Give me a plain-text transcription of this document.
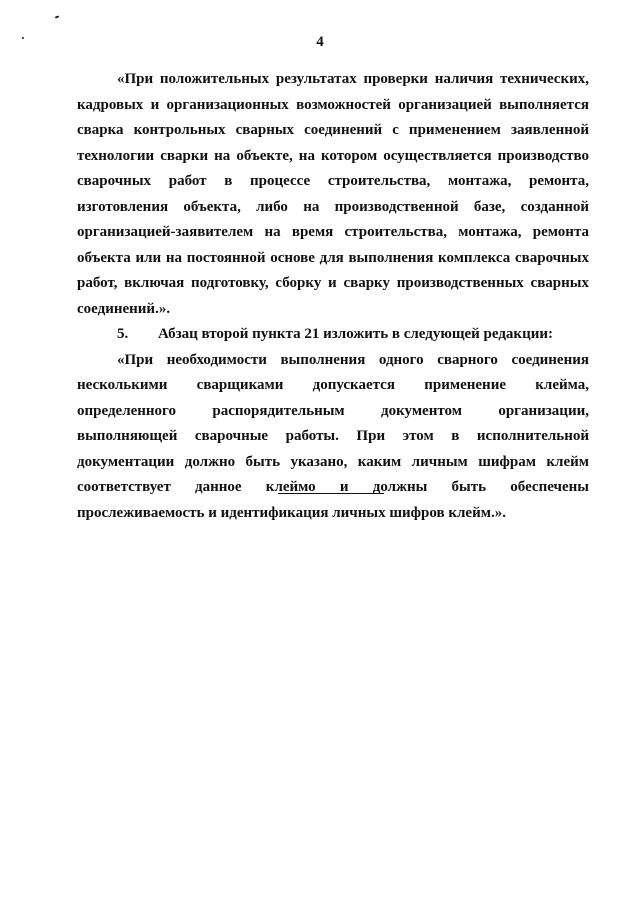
4

«При положительных результатах проверки наличия технических, кадровых и организационных возможностей организацией выполняется сварка контрольных сварных соединений с применением заявленной технологии сварки на объекте, на котором осуществляется производство сварочных работ в процессе строительства, монтажа, ремонта, изготовления объекта, либо на производственной базе, созданной организацией-заявителем на время строительства, монтажа, ремонта объекта или на постоянной основе для выполнения комплекса сварочных работ, включая подготовку, сборку и сварку производственных сварных соединений.».

5. Абзац второй пункта 21 изложить в следующей редакции:

«При необходимости выполнения одного сварного соединения несколькими сварщиками допускается применение клейма, определенного распорядительным документом организации, выполняющей сварочные работы. При этом в исполнительной документации должно быть указано, каким личным шифрам клейм соответствует данное клеймо и должны быть обеспечены прослеживаемость и идентификация личных шифров клейм.».
